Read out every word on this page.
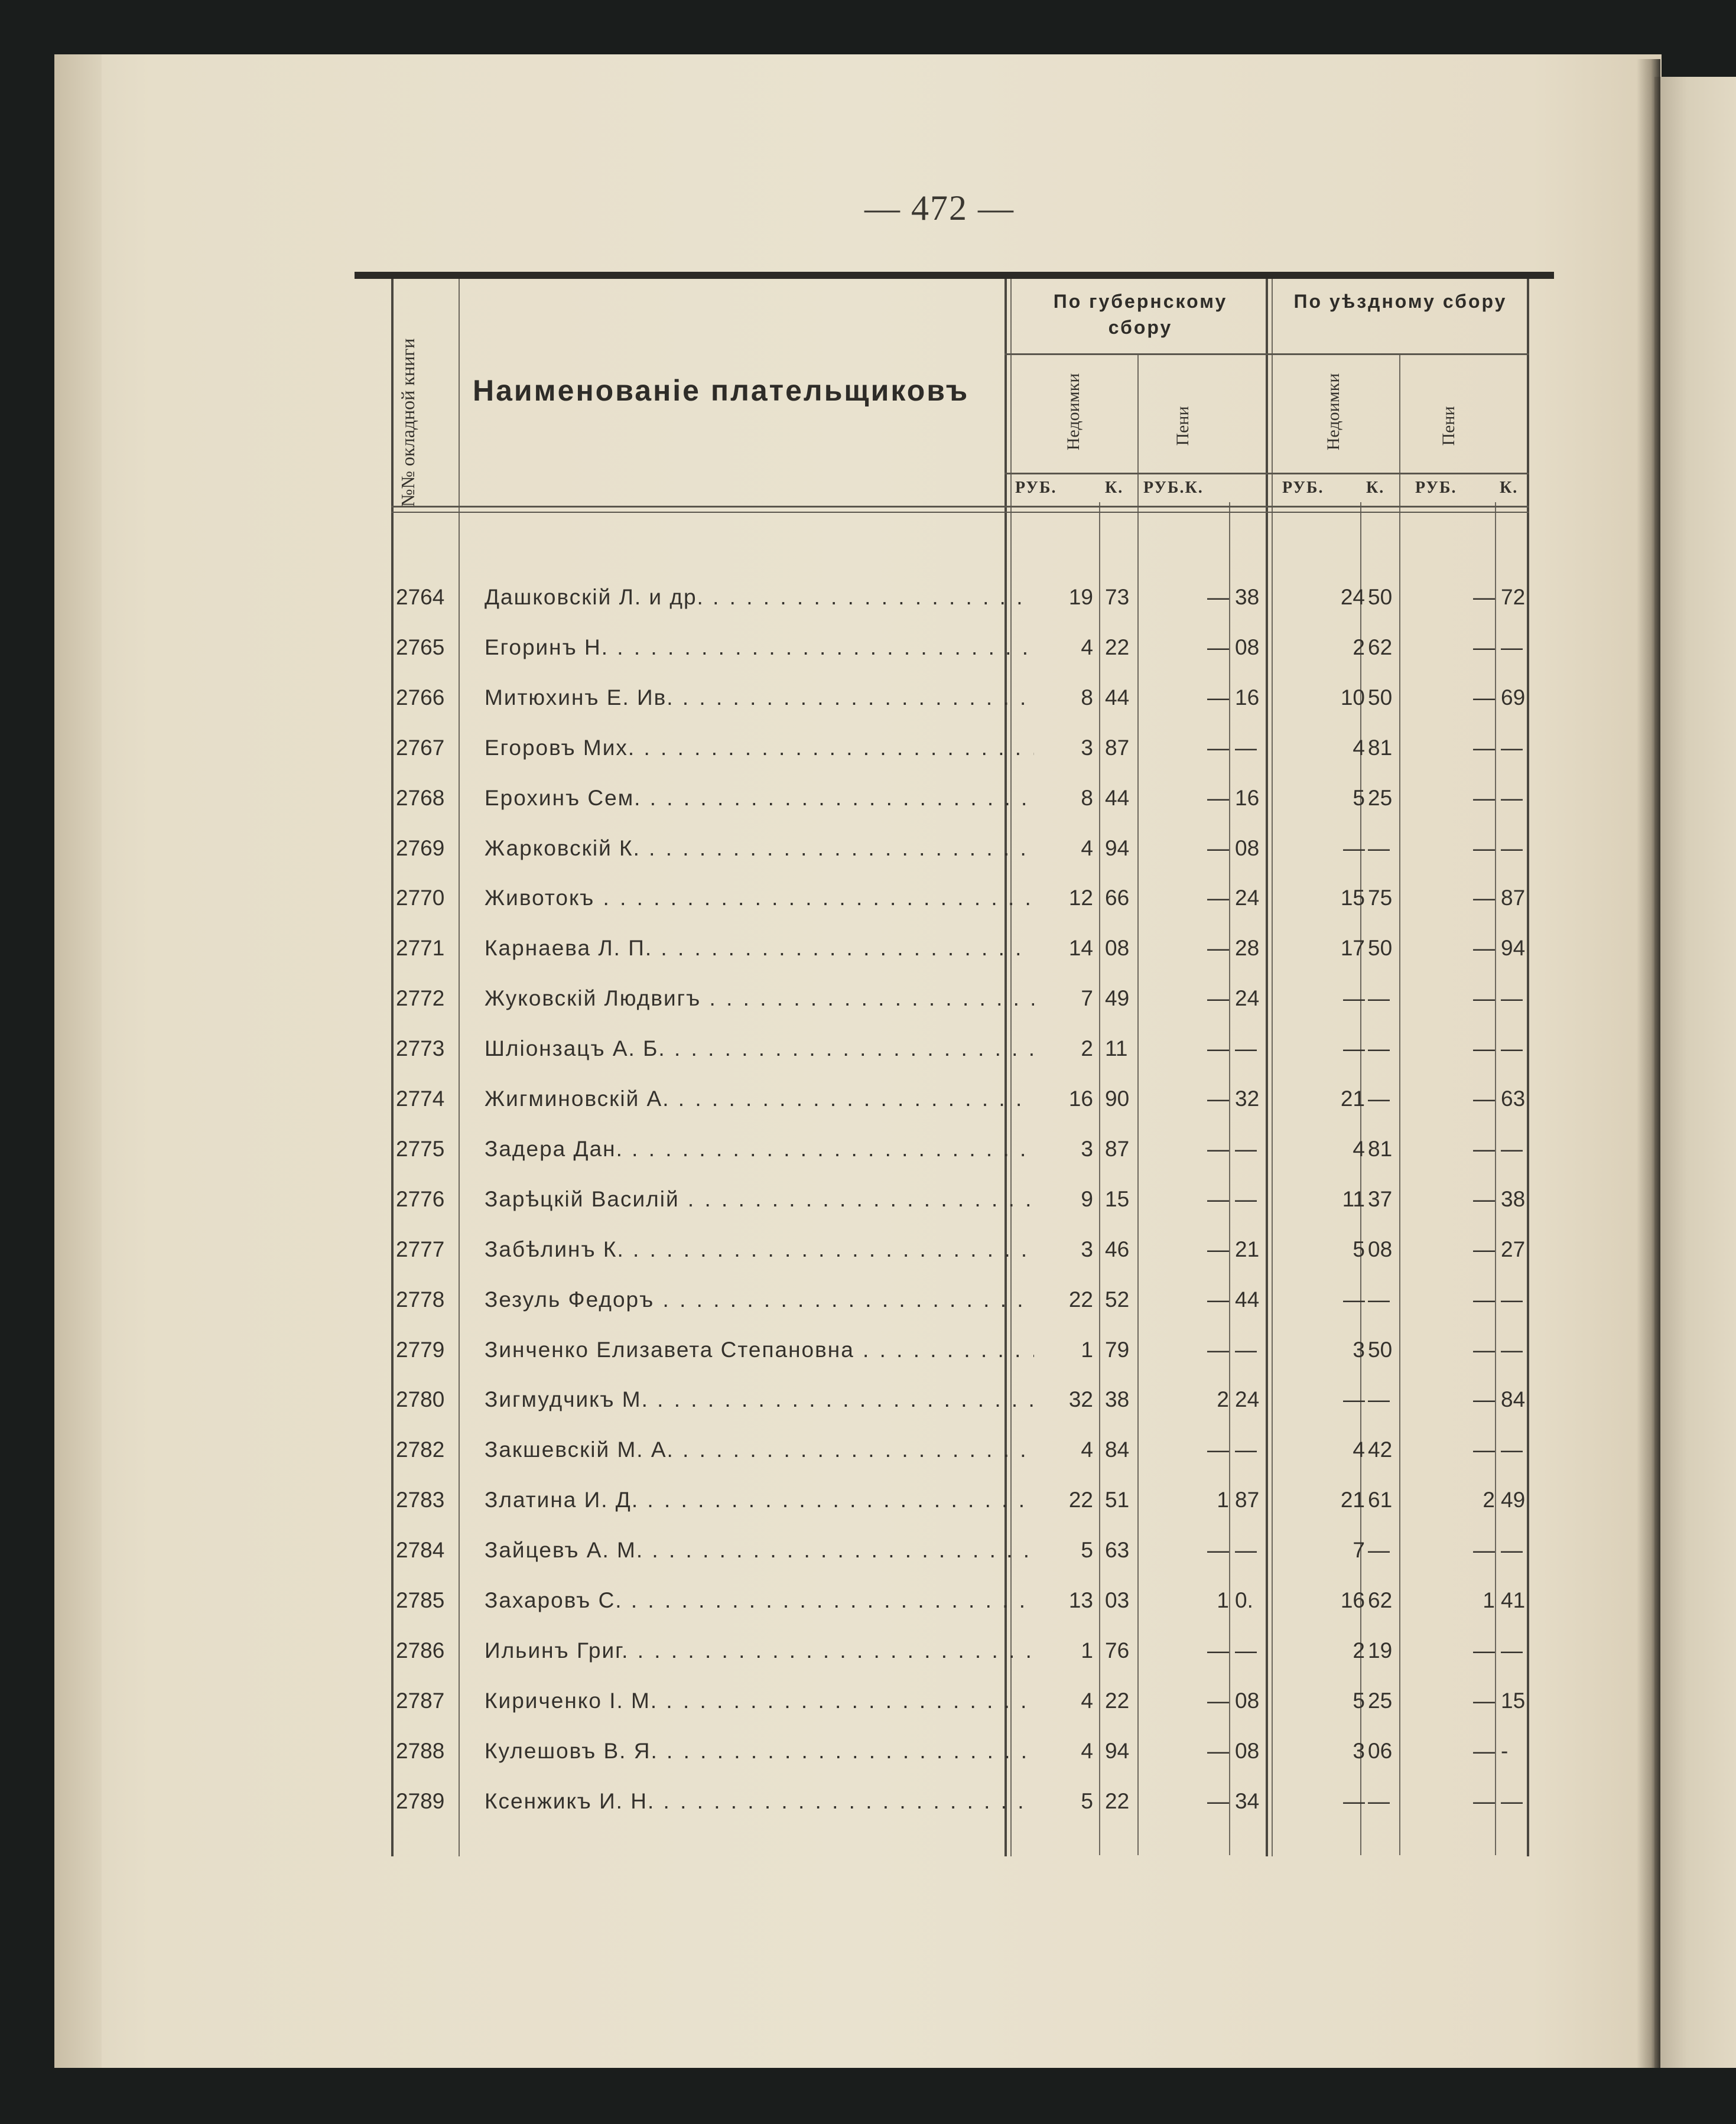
— 472 —
№№ окладной книги	Наименованіе плательщиковъ
По губернскому сбору
По уѣздному сбору
Недоимки	Пени	Недоимки	Пени
РУБ.	К. РУБ.К.	РУБ.	К. РУБ.	К.
2764	Дашковскій Л. и др. . . .	19 73	— 38	24 50	— 72
2765	Егоринъ Н. . . .	4 22	— 08	2 62	— —
2766	Митюхинъ Е. Ив. . . .	8 44	— 16	10 50	— 69
2767	Егоровъ Мих. . . .	3 87	— —	4 81	— —
2768	Ерохинъ Сем. . . .	8 44	— 16	5 25	— —
2769	Жарковскій К. . . .	4 94	— 08	— —	— —
2770	Животокъ . . .	12 66	— 24	15 75	— 87
2771	Карнаева Л. П. . . .	14 08	— 28	17 50	— 94
2772	Жуковскій Людвигъ . . .	7 49	— 24	— —	— —
2773	Шліонзацъ А. Б. . . .	2 11	— —	— —	— —
2774	Жигминовскій А. . . .	16 90	— 32	21 —	— 63
2775	Задера Дан. . . .	3 87	— —	4 81	— —
2776	Зарѣцкій Василій . . .	9 15	— —	11 37	— 38
2777	Забѣлинъ К. . . .	3 46	— 21	5 08	— 27
2778	Зезуль Федоръ . . .	22 52	— 44	— —	— —
2779	Зинченко Елизавета Степановна . . .	1 79	— —	3 50	— —
2780	Зигмудчикъ М. . . .	32 38	2 24	— —	— 84
2782	Закшевскій М. А. . . .	4 84	— —	4 42	— —
2783	Златина И. Д. . . .	22 51	1 87	21 61	2 49
2784	Зайцевъ А. М. . . .	5 63	— —	7 —	— —
2785	Захаровъ С. . . .	13 03	1 0.	16 62	1 41
2786	Ильинъ Григ. . . .	1 76	— —	2 19	— —
2787	Кириченко І. М. . . .	4 22	— 08	5 25	— 15
2788	Кулешовъ В. Я. . . .	4 94	— 08	3 06	— -
2789	Ксенжикъ И. Н. . . .	5 22	— 34	— —	— —
